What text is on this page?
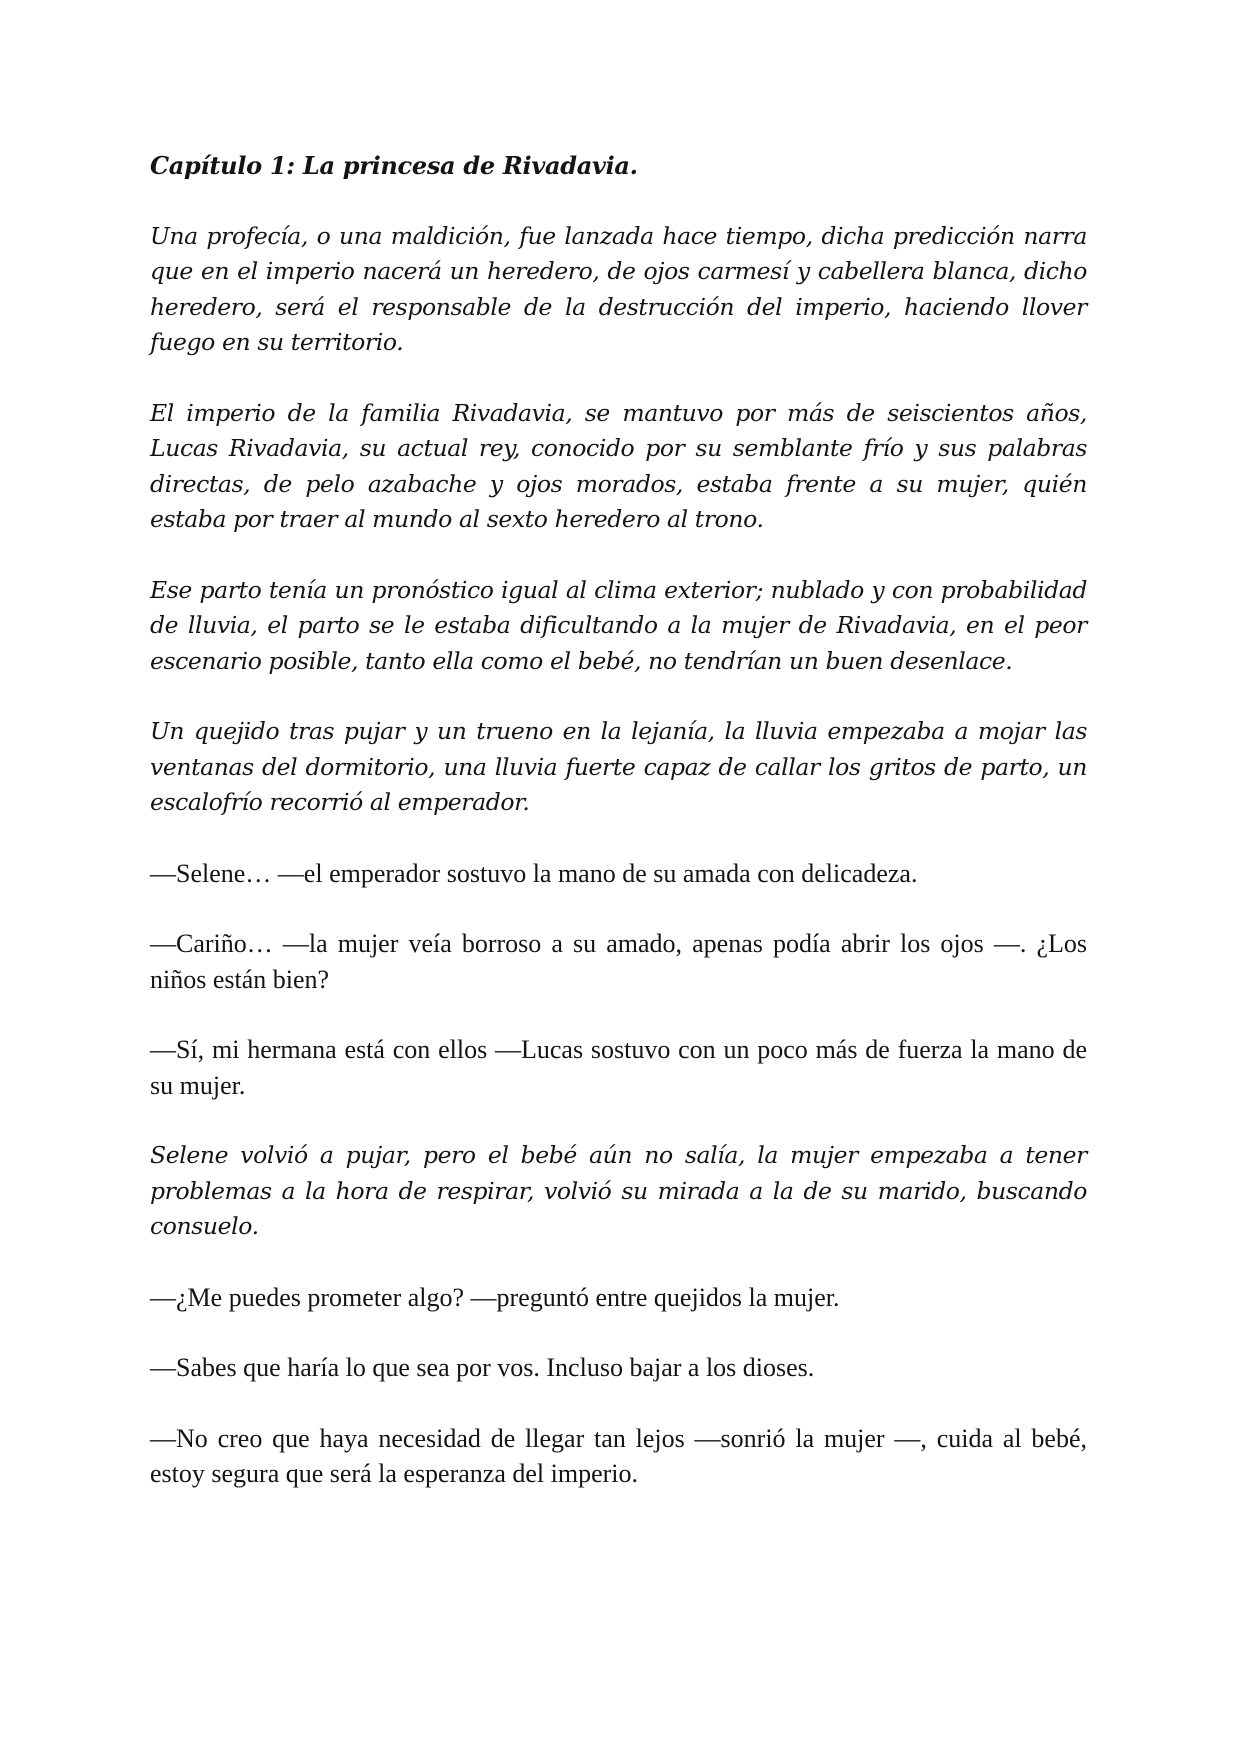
Capítulo 1: La princesa de Rivadavia.

Una profecía, o una maldición, fue lanzada hace tiempo, dicha predicción narra que en el imperio nacerá un heredero, de ojos carmesí y cabellera blanca, dicho heredero, será el responsable de la destrucción del imperio, haciendo llover fuego en su territorio.

El imperio de la familia Rivadavia, se mantuvo por más de seiscientos años, Lucas Rivadavia, su actual rey, conocido por su semblante frío y sus palabras directas, de pelo azabache y ojos morados, estaba frente a su mujer, quién estaba por traer al mundo al sexto heredero al trono.

Ese parto tenía un pronóstico igual al clima exterior; nublado y con probabilidad de lluvia, el parto se le estaba dificultando a la mujer de Rivadavia, en el peor escenario posible, tanto ella como el bebé, no tendrían un buen desenlace.

Un quejido tras pujar y un trueno en la lejanía, la lluvia empezaba a mojar las ventanas del dormitorio, una lluvia fuerte capaz de callar los gritos de parto, un escalofrío recorrió al emperador.

—Selene… —el emperador sostuvo la mano de su amada con delicadeza.

—Cariño… —la mujer veía borroso a su amado, apenas podía abrir los ojos —. ¿Los niños están bien?

—Sí, mi hermana está con ellos —Lucas sostuvo con un poco más de fuerza la mano de su mujer.

Selene volvió a pujar, pero el bebé aún no salía, la mujer empezaba a tener problemas a la hora de respirar, volvió su mirada a la de su marido, buscando consuelo.

—¿Me puedes prometer algo? —preguntó entre quejidos la mujer.

—Sabes que haría lo que sea por vos. Incluso bajar a los dioses.

—No creo que haya necesidad de llegar tan lejos —sonrió la mujer —, cuida al bebé, estoy segura que será la esperanza del imperio.
